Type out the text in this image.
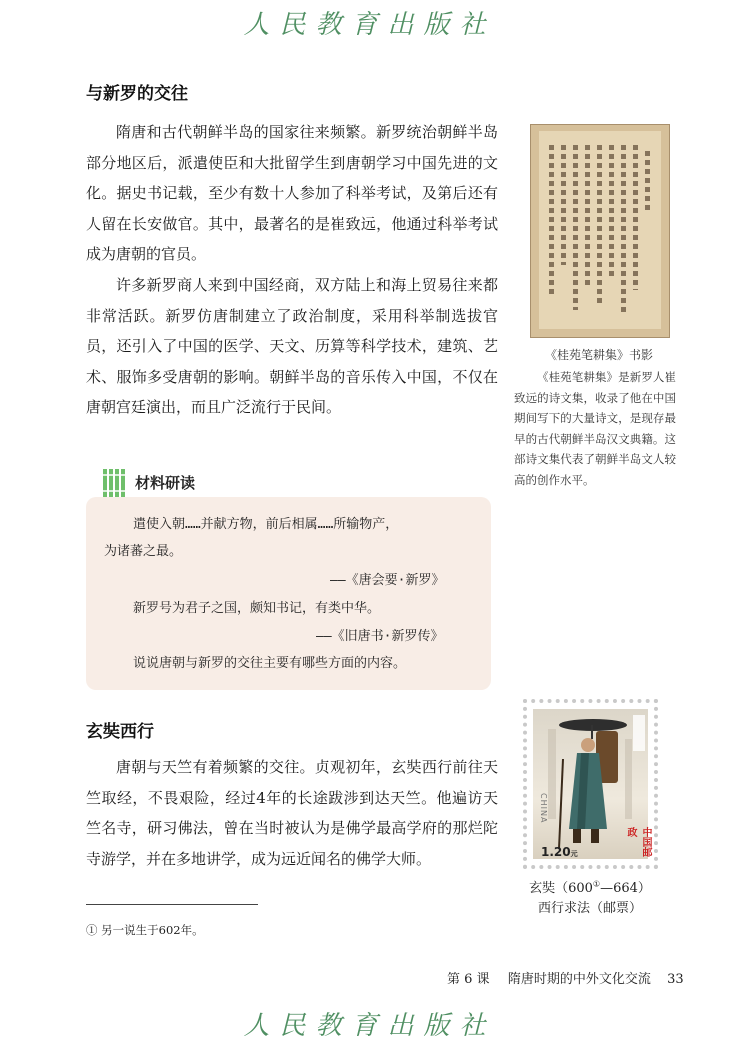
人民教育出版社
与新罗的交往

隋唐和古代朝鲜半岛的国家往来频繁。新罗统治朝鲜半岛部分地区后，派遣使臣和大批留学生到唐朝学习中国先进的文化。据史书记载，至少有数十人参加了科举考试，及第后还有人留在长安做官。其中，最著名的是崔致远，他通过科举考试成为唐朝的官员。

许多新罗商人来到中国经商，双方陆上和海上贸易往来都非常活跃。新罗仿唐制建立了政治制度，采用科举制选拔官员，还引入了中国的医学、天文、历算等科学技术，建筑、艺术、服饰多受唐朝的影响。朝鲜半岛的音乐传入中国，不仅在唐朝宫廷演出，而且广泛流行于民间。

材料研读
遣使入朝……并献方物，前后相属……所输物产，
为诸蕃之最。
——《唐会要·新罗》
新罗号为君子之国，颇知书记，有类中华。
——《旧唐书·新罗传》
说说唐朝与新罗的交往主要有哪些方面的内容。
《桂苑笔耕集》书影

《桂苑笔耕集》是新罗人崔致远的诗文集，收录了他在中国期间写下的大量诗文，是现存最早的古代朝鲜半岛汉文典籍。这部诗文集代表了朝鲜半岛文人较高的创作水平。

玄奘西行

唐朝与天竺有着频繁的交往。贞观初年，玄奘西行前往天竺取经，不畏艰险，经过4年的长途跋涉到达天竺。他遍访天竺名寺，研习佛法，曾在当时被认为是佛学最高学府的那烂陀寺游学，并在多地讲学，成为远近闻名的佛学大师。

CHINA
中国邮政
1.20元
玄奘（600①—664）
西行求法（邮票）
① 另一说生于602年。
第 6 课 隋唐时期的中外文化交流 33
人民教育出版社
